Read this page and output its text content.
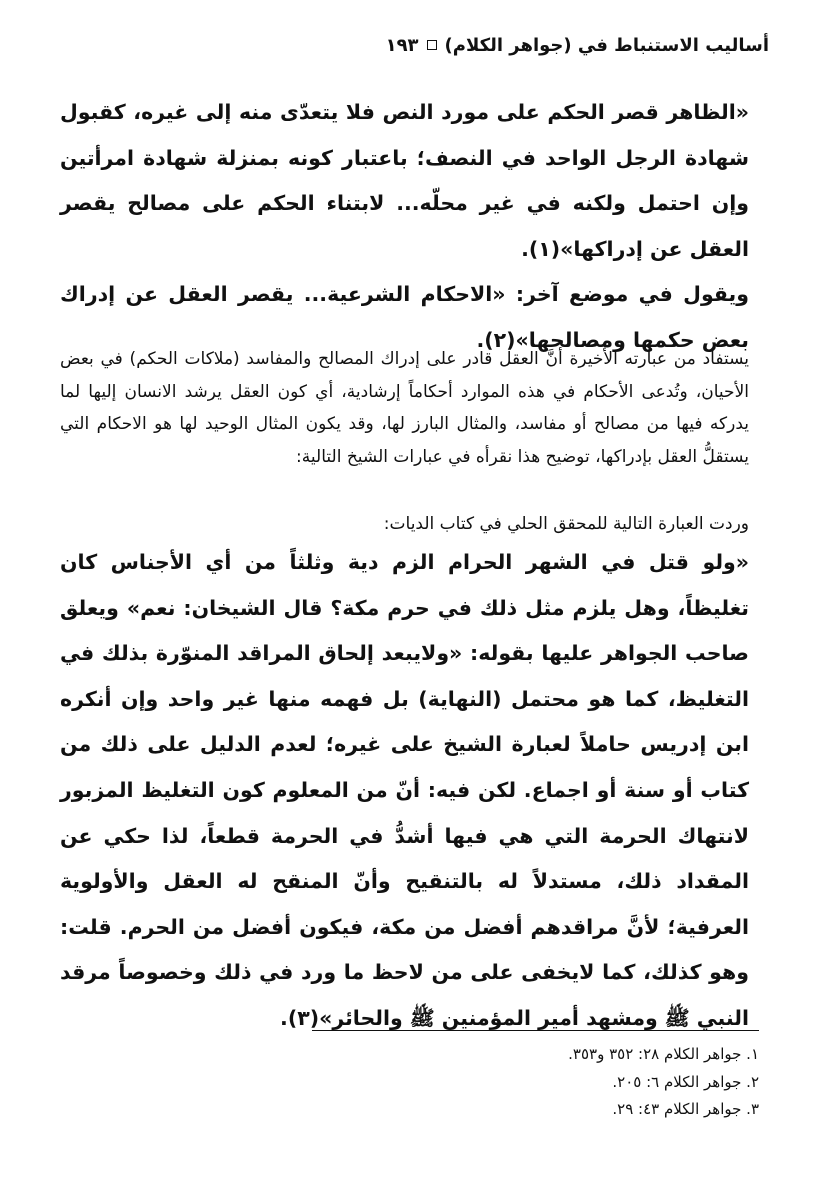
أساليب الاستنباط في (جواهر الكلام)
١٩٣

«الظاهر قصر الحكم على مورد النص فلا يتعدّى منه إلى غيره، كقبول شهادة الرجل الواحد في النصف؛ باعتبار كونه بمنزلة شهادة امرأتين وإن احتمل ولكنه في غير محلّه... لابتناء الحكم على مصالح يقصر العقل عن إدراكها»(١).

ويقول في موضع آخر: «الاحكام الشرعية... يقصر العقل عن إدراك بعض حكمها ومصالحها»(٢).

يستفاد من عبارته الأخيرة أنَّ العقل قادر على إدراك المصالح والمفاسد (ملاكات الحكم) في بعض الأحيان، وتُدعى الأحكام في هذه الموارد أحكاماً إرشادية، أي كون العقل يرشد الانسان إليها لما يدركه فيها من مصالح أو مفاسد، والمثال البارز لها، وقد يكون المثال الوحيد لها هو الاحكام التي يستقلُّ العقل بإدراكها، توضيح هذا نقرأه في عبارات الشيخ التالية:

وردت العبارة التالية للمحقق الحلي في كتاب الديات:

«ولو قتل في الشهر الحرام الزم دية وثلثاً من أي الأجناس كان تغليظاً، وهل يلزم مثل ذلك في حرم مكة؟ قال الشيخان: نعم» ويعلق صاحب الجواهر عليها بقوله: «ولايبعد إلحاق المراقد المنوّرة بذلك في التغليظ، كما هو محتمل (النهاية) بل فهمه منها غير واحد وإن أنكره ابن إدريس حاملاً لعبارة الشيخ على غيره؛ لعدم الدليل على ذلك من كتاب أو سنة أو اجماع. لكن فيه: أنّ من المعلوم كون التغليظ المزبور لانتهاك الحرمة التي هي فيها أشدُّ في الحرمة قطعاً، لذا حكي عن المقداد ذلك، مستدلاً له بالتنقيح وأنّ المنقح له العقل والأولوية العرفية؛ لأنَّ مراقدهم أفضل من مكة، فيكون أفضل من الحرم. قلت: وهو كذلك، كما لايخفى على من لاحظ ما ورد في ذلك وخصوصاً مرقد النبي ﷺ ومشهد أمير المؤمنين ﷺ والحائر»(٣).

١. جواهر الكلام ٢٨: ٣٥٢ و٣٥٣.

٢. جواهر الكلام ٦: ٢٠٥.

٣. جواهر الكلام ٤٣: ٢٩.
